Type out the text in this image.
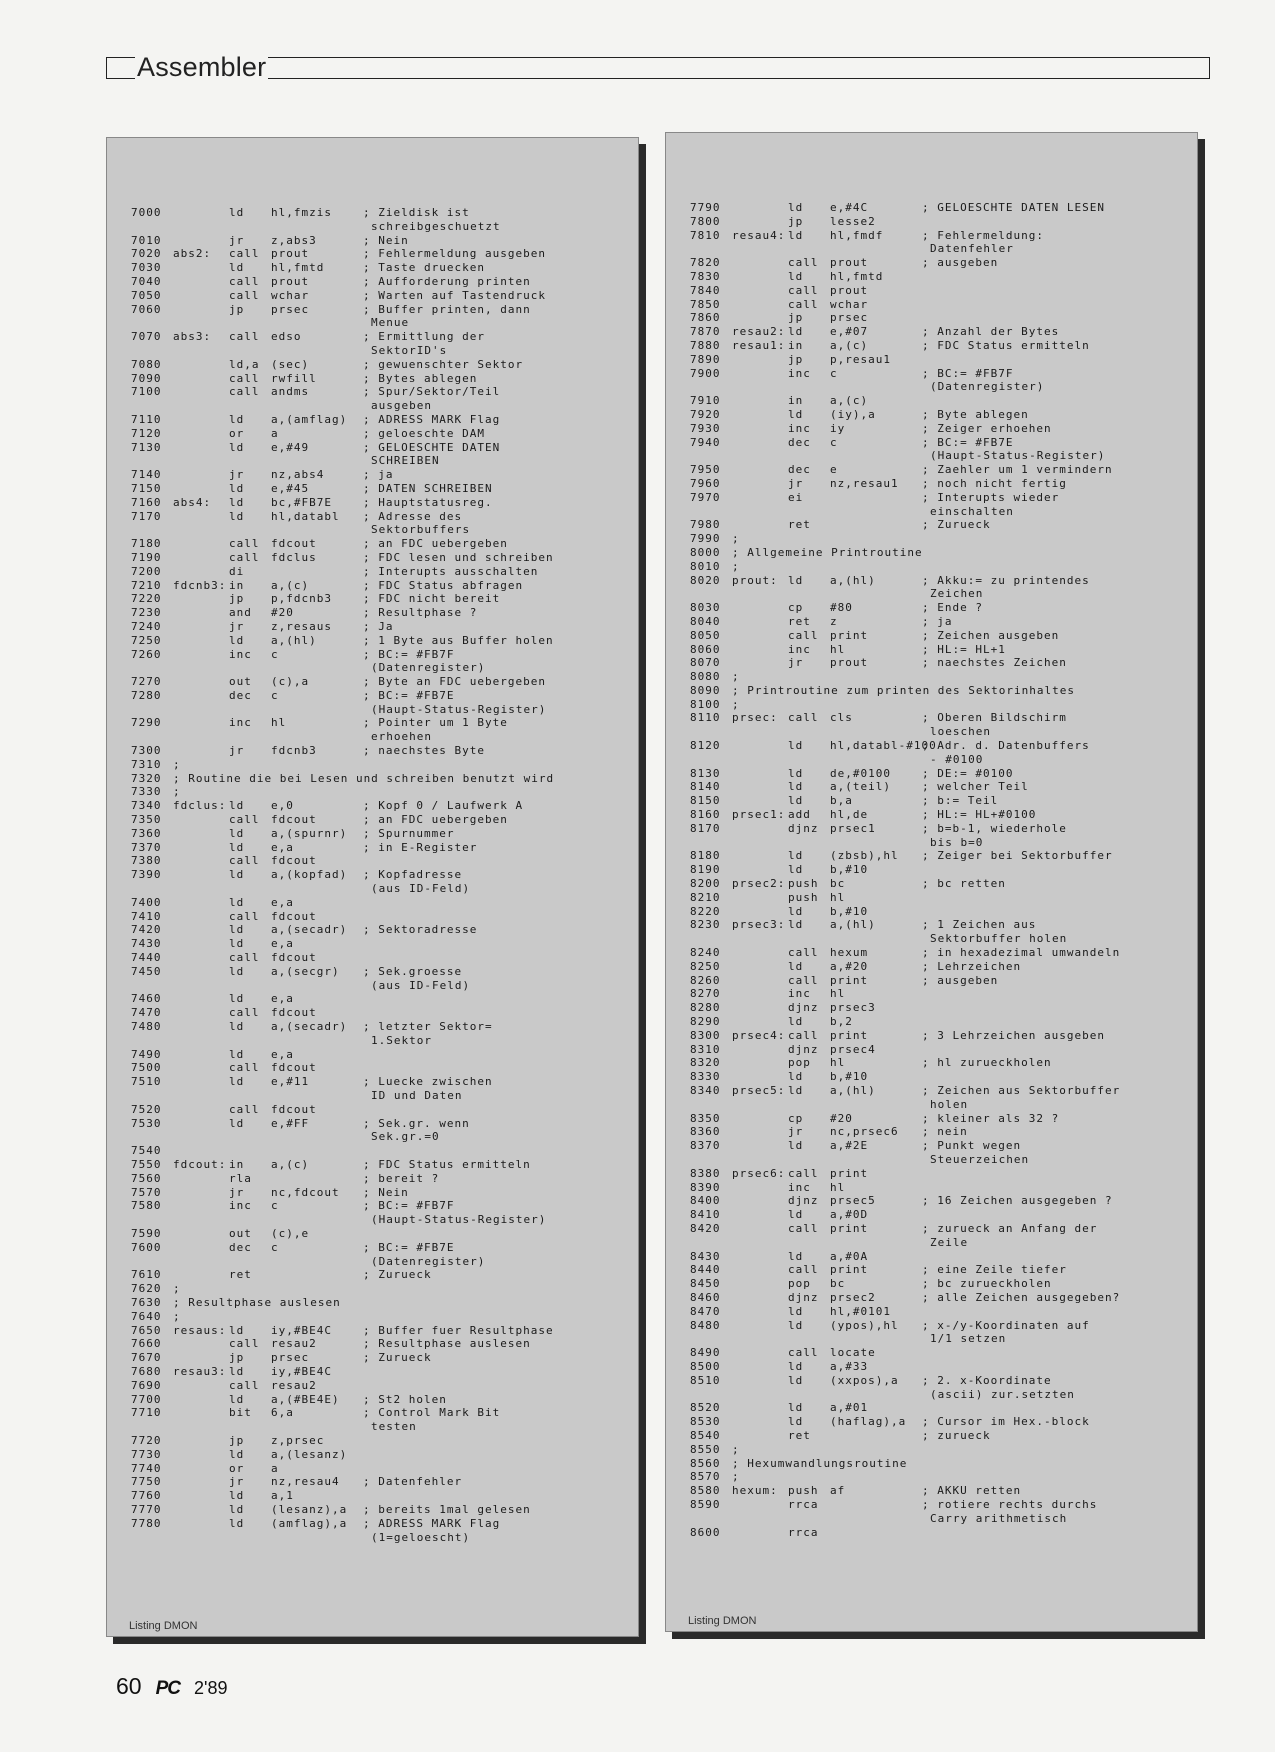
Assembler
7000	ld hl,fmzis	; Zieldisk ist
schreibgeschuetzt
7010	jr z,abs3	; Nein
7020 abs2: call prout	; Fehlermeldung ausgeben
7030	ld hl,fmtd	; Taste druecken
7040	call prout	; Aufforderung printen
7050	call wchar	; Warten auf Tastendruck
7060	jp prsec	; Buffer printen, dann
Menue
7070 abs3: call edso	; Ermittlung der
SektorID's
7080	ld,a (sec)	; gewuenschter Sektor
7090	call rwfill	; Bytes ablegen
7100	call andms	; Spur/Sektor/Teil
ausgeben
7110	ld a,(amflag) ; ADRESS MARK Flag
7120	or a	; geloeschte DAM
7130	ld e,#49	; GELOESCHTE DATEN
SCHREIBEN
7140	jr nz,abs4	; ja
7150	ld e,#45	; DATEN SCHREIBEN
7160 abs4: ld bc,#FB7E	; Hauptstatusreg.
7170	ld hl,databl ; Adresse des
Sektorbuffers
7180	call fdcout	; an FDC uebergeben
7190	call fdclus	; FDC lesen und schreiben
7200	di	; Interupts ausschalten
7210 fdcnb3: in a,(c)	; FDC Status abfragen
7220	jp p,fdcnb3	; FDC nicht bereit
7230	and #20	; Resultphase ?
7240	jr z,resaus	; Ja
7250	ld a,(hl)	; 1 Byte aus Buffer holen
7260	inc c	; BC:= #FB7F
(Datenregister)
7270	out (c),a	; Byte an FDC uebergeben
7280	dec c	; BC:= #FB7E
(Haupt-Status-Register)
7290	inc hl	; Pointer um 1 Byte
erhoehen
7300	jr fdcnb3	; naechstes Byte
7310 ;
7320 ; Routine die bei Lesen und schreiben benutzt wird
7330 ;
7340 fdclus: ld e,0	; Kopf 0 / Laufwerk A
7350	call fdcout	; an FDC uebergeben
7360	ld a,(spurnr) ; Spurnummer
7370	ld e,a	; in E-Register
7380	call fdcout
7390	ld a,(kopfad) ; Kopfadresse
(aus ID-Feld)
7400	ld e,a
7410	call fdcout
7420	ld a,(secadr) ; Sektoradresse
7430	ld e,a
7440	call fdcout
7450	ld a,(secgr) ; Sek.groesse
(aus ID-Feld)
7460	ld e,a
7470	call fdcout
7480	ld a,(secadr) ; letzter Sektor=
1.Sektor
7490	ld e,a
7500	call fdcout
7510	ld e,#11	; Luecke zwischen
ID und Daten
7520	call fdcout
7530	ld e,#FF	; Sek.gr. wenn
Sek.gr.=0
7540
7550 fdcout: in a,(c)	; FDC Status ermitteln
7560	rla	; bereit ?
7570	jr nc,fdcout ; Nein
7580	inc c	; BC:= #FB7F
(Haupt-Status-Register)
7590	out (c),e
7600	dec c	; BC:= #FB7E
(Datenregister)
7610	ret	; Zurueck
7620 ;
7630 ; Resultphase auslesen
7640 ;
7650 resaus: ld iy,#BE4C	; Buffer fuer Resultphase
7660	call resau2	; Resultphase auslesen
7670	jp prsec	; Zurueck
7680 resau3: ld iy,#BE4C
7690	call resau2
7700	ld a,(#BE4E) ; St2 holen
7710	bit 6,a	; Control Mark Bit
testen
7720	jp z,prsec
7730	ld a,(lesanz)
7740	or a
7750	jr nz,resau4 ; Datenfehler
7760	ld a,1
7770	ld (lesanz),a ; bereits 1mal gelesen
7780	ld (amflag),a ; ADRESS MARK Flag
(1=geloescht)
Listing DMON
7790	ld e,#4C	; GELOESCHTE DATEN LESEN
7800	jp lesse2
7810 resau4: ld hl,fmdf	; Fehlermeldung:
Datenfehler
7820	call prout	; ausgeben
7830	ld hl,fmtd
7840	call prout
7850	call wchar
7860	jp prsec
7870 resau2: ld e,#07	; Anzahl der Bytes
7880 resau1: in a,(c)	; FDC Status ermitteln
7890	jp p,resau1
7900	inc c	; BC:= #FB7F
(Datenregister)
7910	in a,(c)
7920	ld (iy),a	; Byte ablegen
7930	inc iy	; Zeiger erhoehen
7940	dec c	; BC:= #FB7E
(Haupt-Status-Register)
7950	dec e	; Zaehler um 1 vermindern
7960	jr nz,resau1 ; noch nicht fertig
7970	ei	; Interupts wieder
einschalten
7980	ret	; Zurueck
7990 ;
8000 ; Allgemeine Printroutine
8010 ;
8020 prout: ld a,(hl)	; Akku:= zu printendes
Zeichen
8030	cp #80	; Ende ?
8040	ret z	; ja
8050	call print	; Zeichen ausgeben
8060	inc hl	; HL:= HL+1
8070	jr prout	; naechstes Zeichen
8080 ;
8090 ; Printroutine zum printen des Sektorinhaltes
8100 ;
8110 prsec: call cls	; Oberen Bildschirm
loeschen
8120	ld hl,databl-#100
; Adr. d. Datenbuffers
- #0100
8130	ld de,#0100	; DE:= #0100
8140	ld a,(teil)	; welcher Teil
8150	ld b,a	; b:= Teil
8160 prsec1: add hl,de	; HL:= HL+#0100
8170	djnz prsec1	; b=b-1, wiederhole
bis b=0
8180	ld (zbsb),hl ; Zeiger bei Sektorbuffer
8190	ld b,#10
8200 prsec2: push bc	; bc retten
8210	push hl
8220	ld b,#10
8230 prsec3: ld a,(hl)	; 1 Zeichen aus
Sektorbuffer holen
8240	call hexum	; in hexadezimal umwandeln
8250	ld a,#20	; Lehrzeichen
8260	call print	; ausgeben
8270	inc hl
8280	djnz prsec3
8290	ld b,2
8300 prsec4: call print	; 3 Lehrzeichen ausgeben
8310	djnz prsec4
8320	pop hl	; hl zurueckholen
8330	ld b,#10
8340 prsec5: ld a,(hl)	; Zeichen aus Sektorbuffer
holen
8350	cp #20	; kleiner als 32 ?
8360	jr nc,prsec6 ; nein
8370	ld a,#2E	; Punkt wegen
Steuerzeichen
8380 prsec6: call print
8390	inc hl
8400	djnz prsec5	; 16 Zeichen ausgegeben ?
8410	ld a,#0D
8420	call print	; zurueck an Anfang der
Zeile
8430	ld a,#0A
8440	call print	; eine Zeile tiefer
8450	pop bc	; bc zurueckholen
8460	djnz prsec2	; alle Zeichen ausgegeben?
8470	ld hl,#0101
8480	ld (ypos),hl ; x-/y-Koordinaten auf
1/1 setzen
8490	call locate
8500	ld a,#33
8510	ld (xxpos),a ; 2. x-Koordinate
(ascii) zur.setzten
8520	ld a,#01
8530	ld (haflag),a ; Cursor im Hex.-block
8540	ret	; zurueck
8550 ;
8560 ; Hexumwandlungsroutine
8570 ;
8580 hexum: push af	; AKKU retten
8590	rrca	; rotiere rechts durchs
Carry arithmetisch
8600	rrca
Listing DMON
60 PC 2'89
